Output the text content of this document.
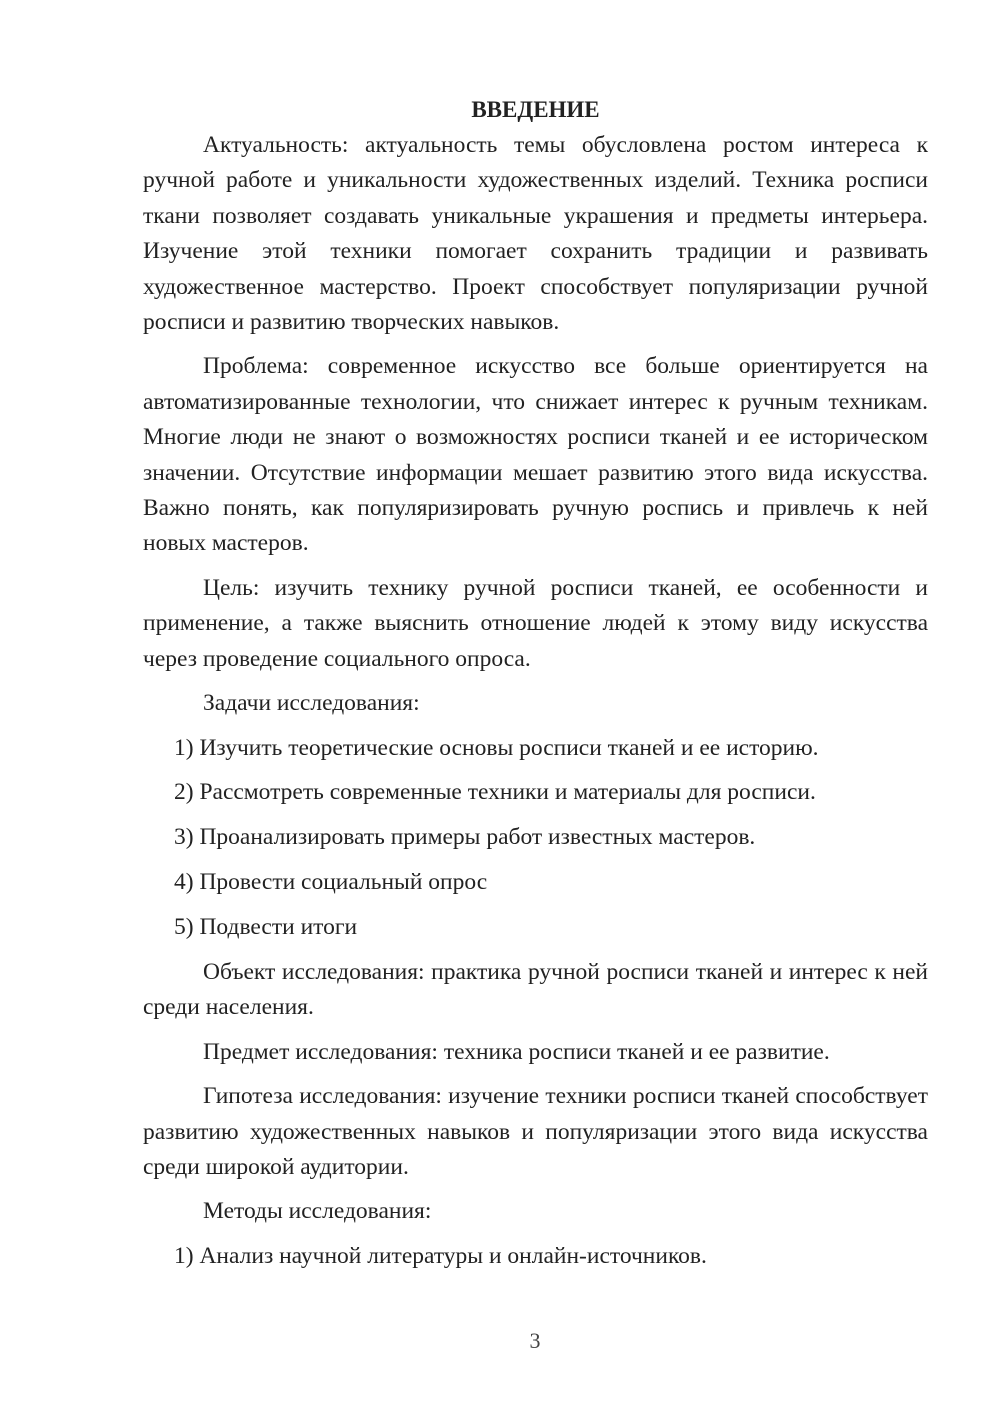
ВВЕДЕНИЕ

Актуальность: актуальность темы обусловлена ростом интереса к ручной работе и уникальности художественных изделий. Техника росписи ткани позволяет создавать уникальные украшения и предметы интерьера. Изучение этой техники помогает сохранить традиции и развивать художественное мастерство. Проект способствует популяризации ручной росписи и развитию творческих навыков.

Проблема: современное искусство все больше ориентируется на автоматизированные технологии, что снижает интерес к ручным техникам. Многие люди не знают о возможностях росписи тканей и ее историческом значении. Отсутствие информации мешает развитию этого вида искусства. Важно понять, как популяризировать ручную роспись и привлечь к ней новых мастеров.

Цель: изучить технику ручной росписи тканей, ее особенности и применение, а также выяснить отношение людей к этому виду искусства через проведение социального опроса.

Задачи исследования:

1) Изучить теоретические основы росписи тканей и ее историю.
2) Рассмотреть современные техники и материалы для росписи.
3) Проанализировать примеры работ известных мастеров.
4) Провести социальный опрос
5) Подвести итоги

Объект исследования: практика ручной росписи тканей и интерес к ней среди населения.

Предмет исследования: техника росписи тканей и ее развитие.

Гипотеза исследования: изучение техники росписи тканей способствует развитию художественных навыков и популяризации этого вида искусства среди широкой аудитории.

Методы исследования:

1) Анализ научной литературы и онлайн-источников.
3
